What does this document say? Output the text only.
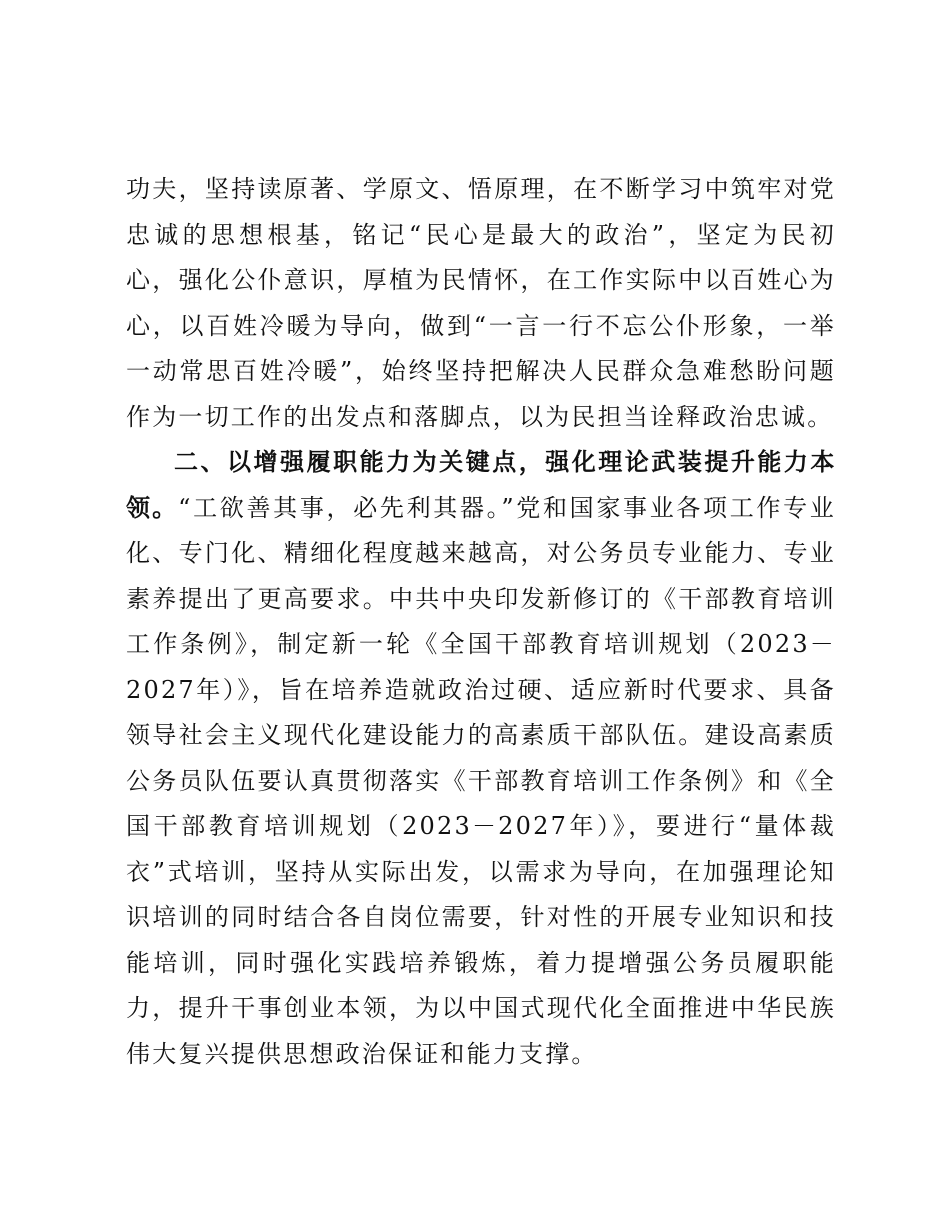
功夫，坚持读原著、学原文、悟原理，在不断学习中筑牢对党忠诚的思想根基，铭记“民心是最大的政治”，坚定为民初心，强化公仆意识，厚植为民情怀，在工作实际中以百姓心为心，以百姓冷暖为导向，做到“一言一行不忘公仆形象，一举一动常思百姓冷暖”，始终坚持把解决人民群众急难愁盼问题作为一切工作的出发点和落脚点，以为民担当诠释政治忠诚。

二、以增强履职能力为关键点，强化理论武装提升能力本领。“工欲善其事，必先利其器。”党和国家事业各项工作专业化、专门化、精细化程度越来越高，对公务员专业能力、专业素养提出了更高要求。中共中央印发新修订的《干部教育培训工作条例》，制定新一轮《全国干部教育培训规划（2023－2027年）》，旨在培养造就政治过硬、适应新时代要求、具备领导社会主义现代化建设能力的高素质干部队伍。建设高素质公务员队伍要认真贯彻落实《干部教育培训工作条例》和《全国干部教育培训规划（2023－2027年）》，要进行“量体裁衣”式培训，坚持从实际出发，以需求为导向，在加强理论知识培训的同时结合各自岗位需要，针对性的开展专业知识和技能培训，同时强化实践培养锻炼，着力提增强公务员履职能力，提升干事创业本领，为以中国式现代化全面推进中华民族伟大复兴提供思想政治保证和能力支撑。
